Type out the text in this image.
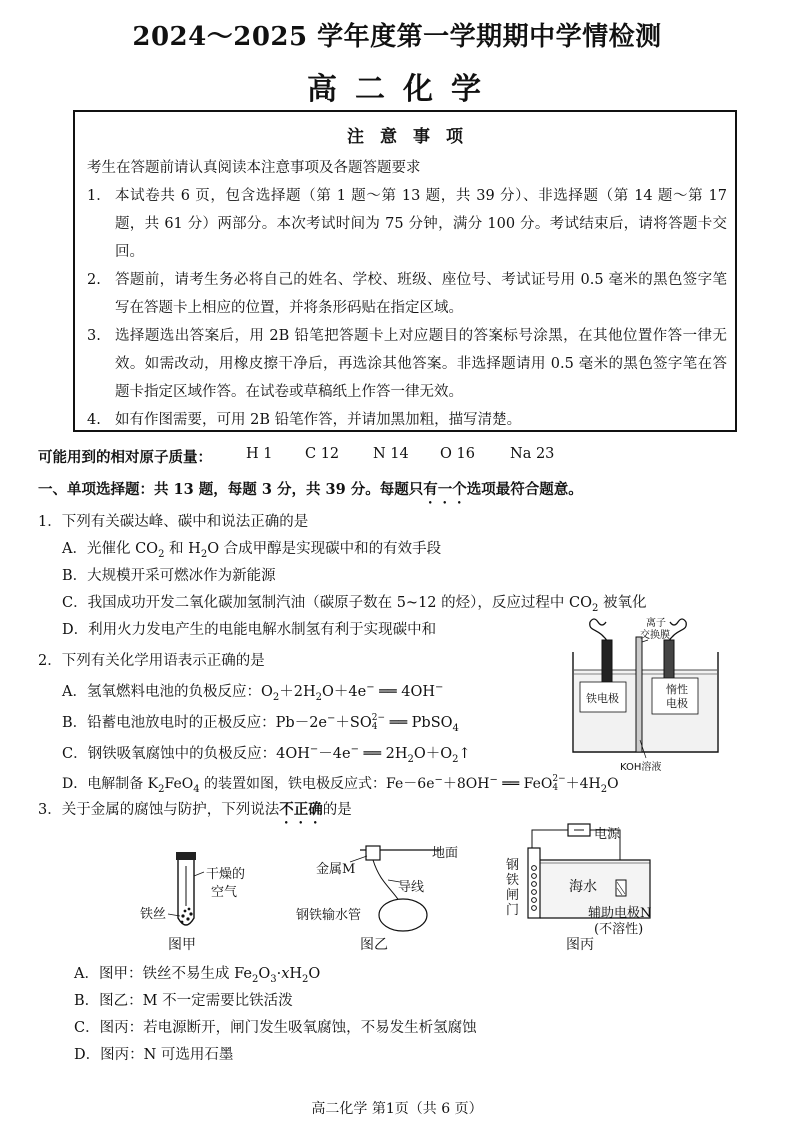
2024～2025 学年度第一学期期中学情检测
高二化学
注意事项
考生在答题前请认真阅读本注意事项及各题答题要求
1． 本试卷共 6 页，包含选择题（第 1 题～第 13 题，共 39 分）、非选择题（第 14 题～第 17 题，共 61 分）两部分。本次考试时间为 75 分钟，满分 100 分。考试结束后，请将答题卡交回。
2. 答题前，请考生务必将自己的姓名、学校、班级、座位号、考试证号用 0.5 毫米的黑色签字笔写在答题卡上相应的位置，并将条形码贴在指定区域。
3. 选择题选出答案后，用 2B 铅笔把答题卡上对应题目的答案标号涂黑，在其他位置作答一律无效。如需改动，用橡皮擦干净后，再选涂其他答案。非选择题请用 0.5 毫米的黑色签字笔在答题卡指定区域作答。在试卷或草稿纸上作答一律无效。
4. 如有作图需要，可用 2B 铅笔作答，并请加黑加粗，描写清楚。
可能用到的相对原子质量： H 1 C 12 N 14 O 16 Na 23
一、单项选择题：共 13 题，每题 3 分，共 39 分。每题只有一个选项最符合题意。
1．下列有关碳达峰、碳中和说法正确的是
A．光催化 $CO_2$ 和 $H_2O$ 合成甲醇是实现碳中和的有效手段
B．大规模开采可燃冰作为新能源
C．我国成功开发二氧化碳加氢制汽油（碳原子数在 5~12 的烃），反应过程中 $CO_2$ 被氧化
D．利用火力发电产生的电能电解水制氢有利于实现碳中和
2．下列有关化学用语表示正确的是
A．氢氧燃料电池的负极反应：$O_2+2H_2O+4e^-$ ══ 4OH−
B．铅蓄电池放电时的正极反应：Pb－2e−＋SO 2−
4 ══ PbSO$_4$
C．钢铁吸氧腐蚀中的负极反应：4OH−－4e− ══ $2H_2O+O_2↑$
D．电解制备 $K_2FeO_4$ 的装置如图，铁电极反应式：Fe－6e−＋8OH− ══ FeO 2−
$4 +4H_2O$
铁电极
惰性
电极
离子
交换膜
KOH溶液
3．关于金属的腐蚀与防护，下列说法不正确的是
干燥的
空气
铁丝
图甲
地面
金属M
导线
钢铁输水管
图乙
电源
钢铁闸门
海水
辅助电极N
(不溶性)
图丙
A．图甲：铁丝不易生成 $Fe_2O_3\cdot xH_2O$
B．图乙：M 不一定需要比铁活泼
C．图丙：若电源断开，闸门发生吸氧腐蚀，不易发生析氢腐蚀
D．图丙：N 可选用石墨
高二化学 第1页（共 6 页）
